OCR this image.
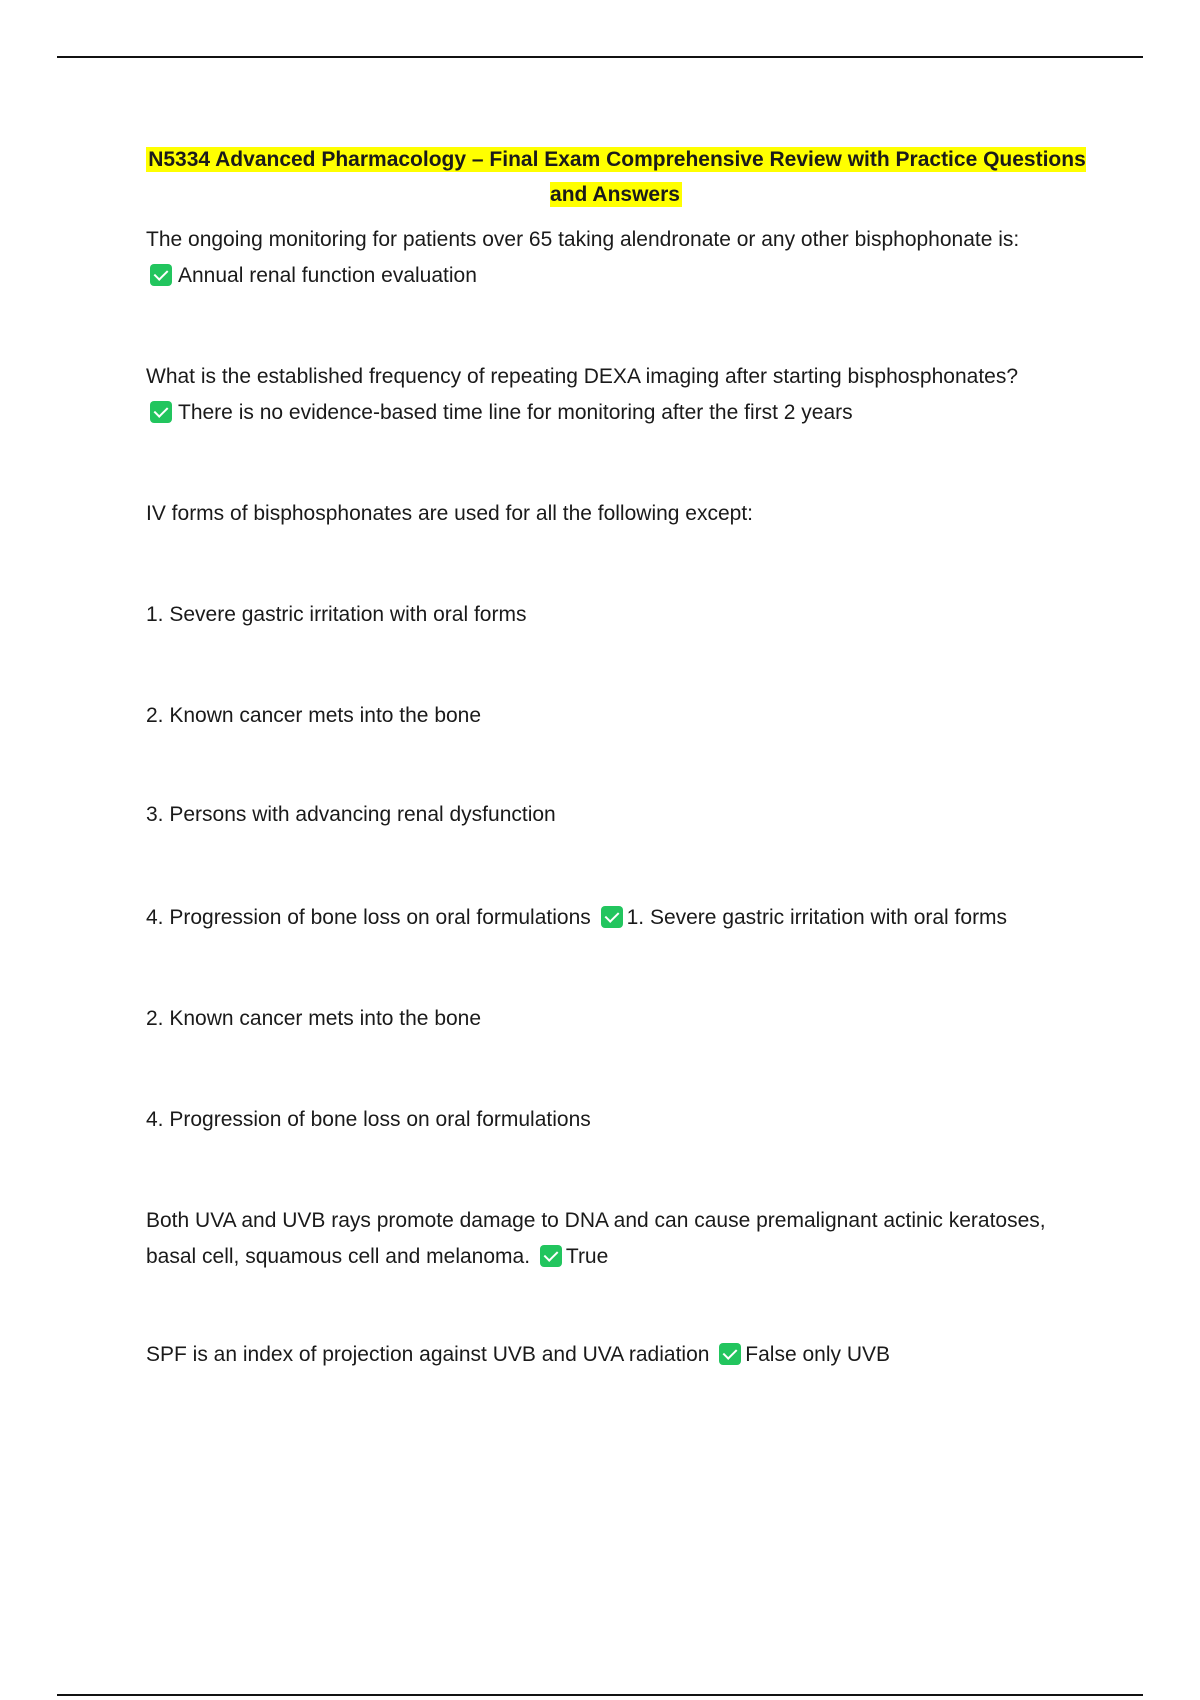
N5334 Advanced Pharmacology – Final Exam Comprehensive Review with Practice Questions and Answers

The ongoing monitoring for patients over 65 taking alendronate or any other bisphophonate is:

Annual renal function evaluation

What is the established frequency of repeating DEXA imaging after starting bisphosphonates?

There is no evidence-based time line for monitoring after the first 2 years

IV forms of bisphosphonates are used for all the following except:

1. Severe gastric irritation with oral forms

2. Known cancer mets into the bone

3. Persons with advancing renal dysfunction

4. Progression of bone loss on oral formulations 1. Severe gastric irritation with oral forms

2. Known cancer mets into the bone

4. Progression of bone loss on oral formulations

Both UVA and UVB rays promote damage to DNA and can cause premalignant actinic keratoses, basal cell, squamous cell and melanoma. True

SPF is an index of projection against UVB and UVA radiation False only UVB
